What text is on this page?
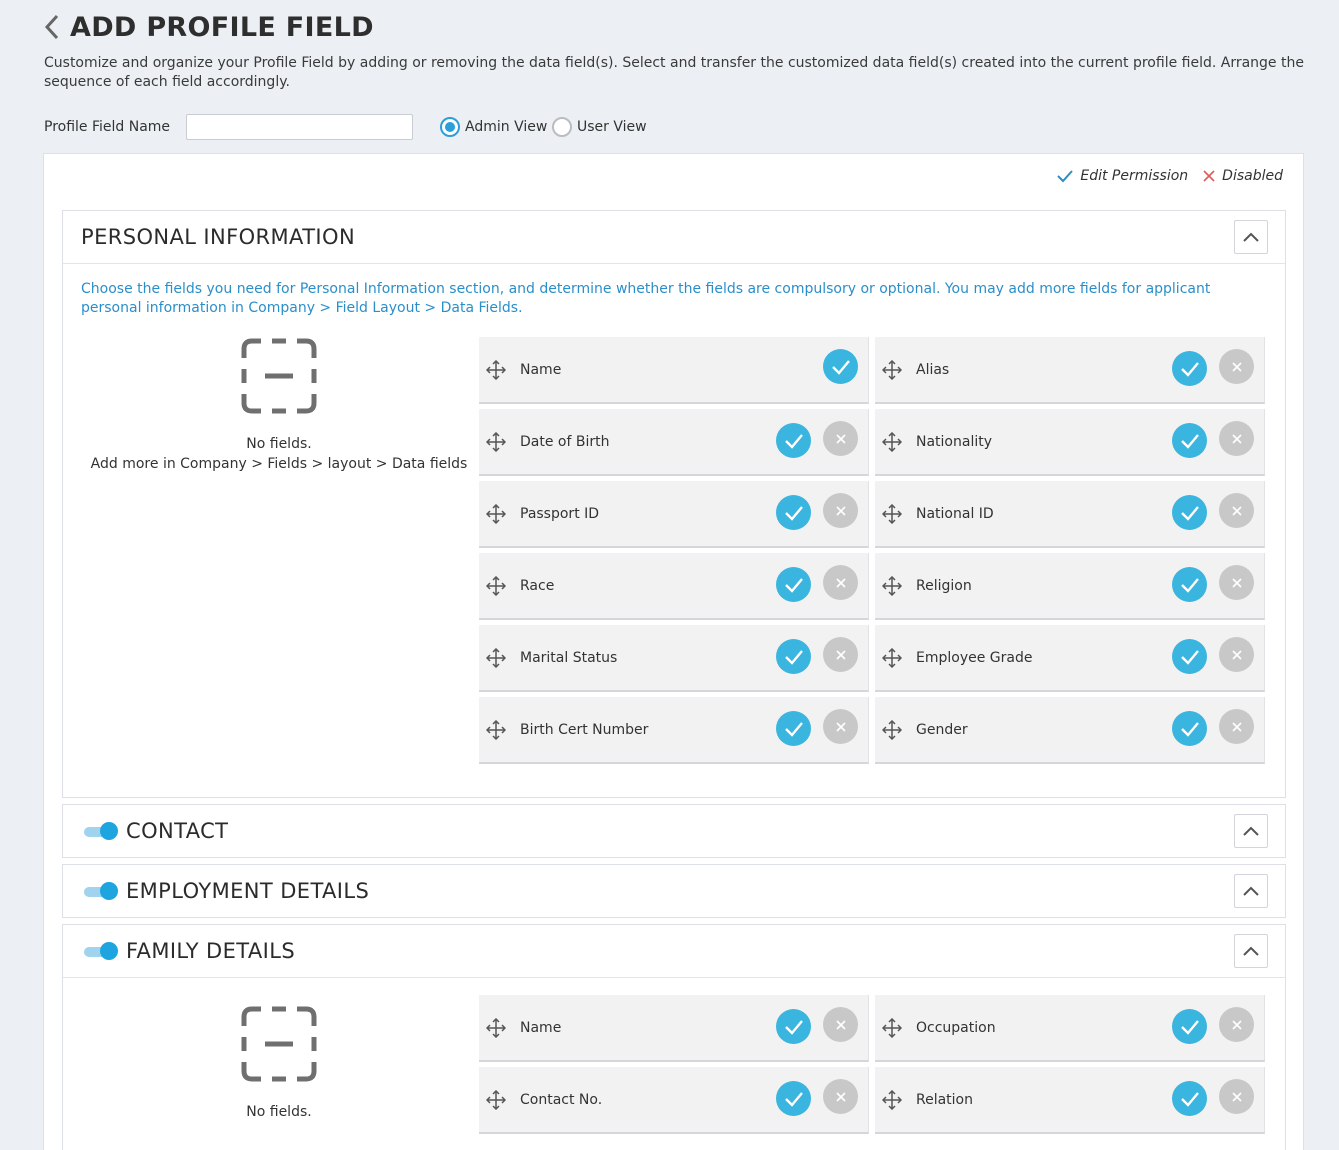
ADD PROFILE FIELD
Customize and organize your Profile Field by adding or removing the data field(s). Select and transfer the customized data field(s) created into the current profile field. Arrange the sequence of each field accordingly.
Profile Field Name	Admin View User View
Edit Permission Disabled
PERSONAL INFORMATION
Choose the fields you need for Personal Information section, and determine whether the fields are compulsory or optional. You may add more fields for applicant personal information in Company > Field Layout > Data Fields.
No fields.
Add more in Company > Fields > layout > Data fields
Name	Alias
Date of Birth	Nationality
Passport ID	National ID
Race	Religion
Marital Status	Employee Grade
Birth Cert Number	Gender
CONTACT
EMPLOYMENT DETAILS
FAMILY DETAILS
No fields.
Name	Occupation
Contact No.	Relation
